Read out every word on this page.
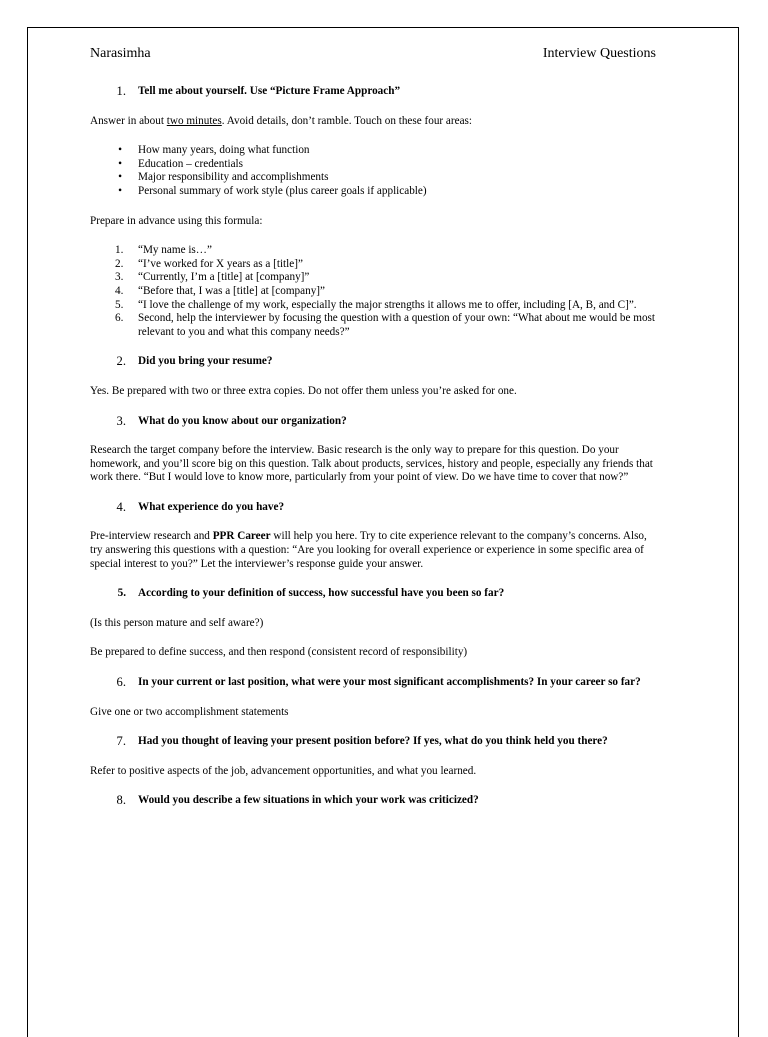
Narasimha	Interview Questions
1.	Tell me about yourself. Use “Picture Frame Approach”

Answer in about two minutes. Avoid details, don’t ramble. Touch on these four areas:

•	How many years, doing what function
•	Education – credentials
•	Major responsibility and accomplishments
•	Personal summary of work style (plus career goals if applicable)

Prepare in advance using this formula:

1.	“My name is…”
2.	“I’ve worked for X years as a [title]”
3.	“Currently, I’m a [title] at [company]”
4.	“Before that, I was a [title] at [company]”
5.	“I love the challenge of my work, especially the major strengths it allows me to offer, including [A, B, and C]”.
6.	Second, help the interviewer by focusing the question with a question of your own: “What about me would be most relevant to you and what this company needs?”
2.	Did you bring your resume?

Yes. Be prepared with two or three extra copies. Do not offer them unless you’re asked for one.

3.	What do you know about our organization?

Research the target company before the interview. Basic research is the only way to prepare for this question. Do your homework, and you’ll score big on this question. Talk about products, services, history and people, especially any friends that work there. “But I would love to know more, particularly from your point of view. Do we have time to cover that now?”

4.	What experience do you have?

Pre-interview research and PPR Career will help you here. Try to cite experience relevant to the company’s concerns. Also, try answering this questions with a question: “Are you looking for overall experience or experience in some specific area of special interest to you?” Let the interviewer’s response guide your answer.

5.	According to your definition of success, how successful have you been so far?

(Is this person mature and self aware?)

Be prepared to define success, and then respond (consistent record of responsibility)

6.	In your current or last position, what were your most significant accomplishments? In your career so far?

Give one or two accomplishment statements

7.	Had you thought of leaving your present position before? If yes, what do you think held you there?

Refer to positive aspects of the job, advancement opportunities, and what you learned.

8.	Would you describe a few situations in which your work was criticized?
